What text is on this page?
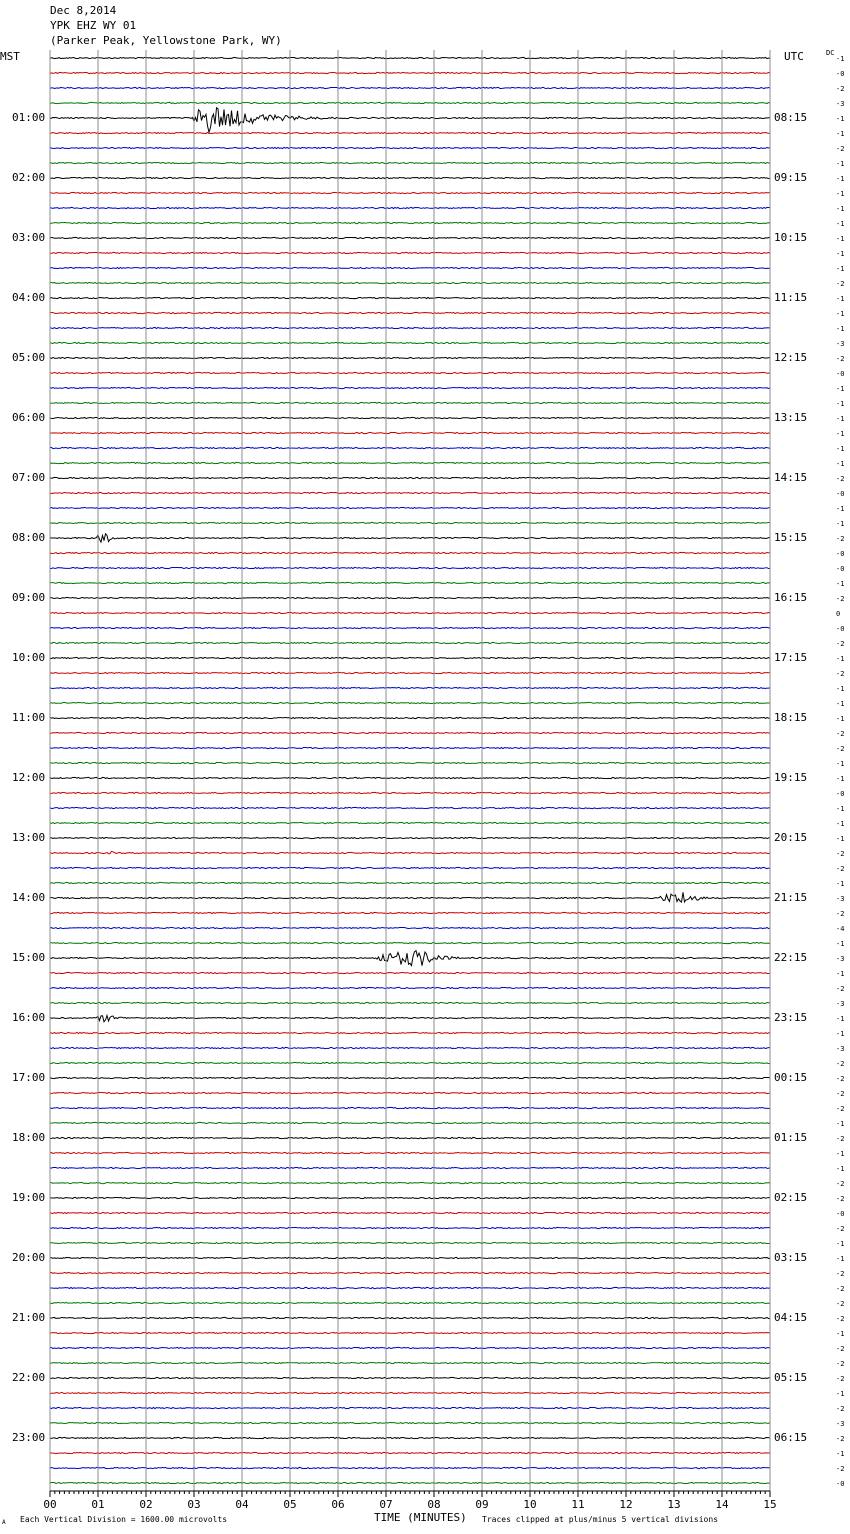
-1
-0
-2
-3
-1
-1
-2
-1
-1
-1
-1
-1
-1
-1
-1
-2
-1
-1
-1
-3
-2
-0
-1
-1
-1
-1
-1
-1
-2
-0
-1
-1
-2
-0
-0
-1
-2
0
-0
-2
-1
-2
-1
-1
-1
-2
-2
-1
-1
-0
-1
-1
-1
-2
-2
-1
-3
-2
-4
-1
-3
-1
-2
-3
-1
-1
-3
-2
-2
-2
-2
-1
-2
-1
-1
-2
-2
-0
-2
-1
-1
-2
-2
-2
-2
-1
-2
-2
-2
-1
-2
-3
-2
-1
-2
-0
00	01	02	03	04	05	06	07	08	09	10	11	12	13	14	15
Dec 8,2014
YPK EHZ WY 01
(Parker Peak, Yellowstone Park, WY)
MST	UTC	DC
01:00
02:00
03:00
04:00
05:00
06:00
07:00
08:00
09:00
10:00
11:00
12:00
13:00
14:00
15:00
16:00
17:00
18:00
19:00
20:00
21:00
22:00
23:00
08:15
09:15
10:15
11:15
12:15
13:15
14:15
15:15
16:15
17:15
18:15
19:15
20:15
21:15
22:15
23:15
00:15
01:15
02:15
03:15
04:15
05:15
06:15
A Each Vertical Division = 1600.00 microvolts	TIME (MINUTES) Traces clipped at plus/minus 5 vertical divisions
